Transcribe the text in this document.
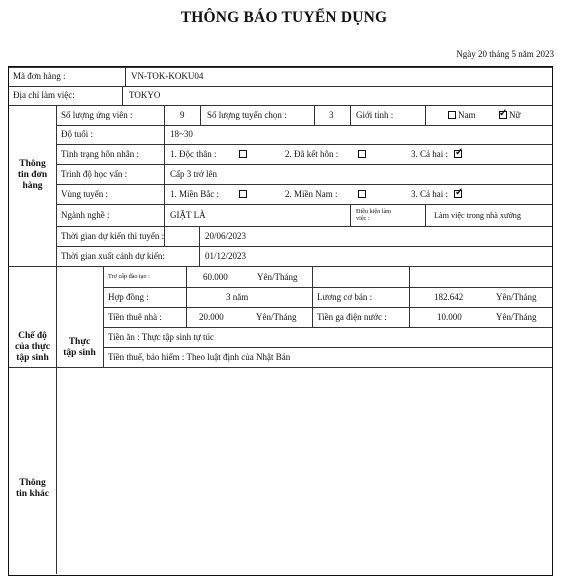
THÔNG BÁO TUYỂN DỤNG
Ngày 20 tháng 5 năm 2023
Mã đơn hàng :	VN-TOK-KOKU04
Địa chỉ làm việc:	TOKYO
Thông
tin đơn
hàng
Số lượng ứng viên :	9	Số lượng tuyển chọn :	3	Giới tính :	Nam ✓ Nữ
Độ tuổi :	18~30
Tình trạng hôn nhân :	1. Độc thân :	2. Đã kết hôn :	3. Cả hai : ✓
Trình độ học vấn :	Cấp 3 trở lên
Vùng tuyển :	1. Miền Bắc :	2. Miền Nam :	3. Cả hai : ✓
Ngành nghề :	GIẶT LÀ	Điều kiện làm
việc :	Làm việc trong nhà xưởng
Thời gian dự kiến thi tuyển :	20/06/2023
Thời gian xuất cảnh dự kiến:	01/12/2023
Chế độ
của thực
tập sinh
Thực
tập sinh
Trợ cấp đào tạo :	60.000	Yên/Tháng
Hợp đồng :	3 năm	Lương cơ bản :	182.642	Yên/Tháng
Tiền thuê nhà :	20.000	Yên/Tháng Tiền ga điện nước :	10.000	Yên/Tháng
Tiền ăn : Thực tập sinh tự túc
Tiền thuế, bảo hiểm : Theo luật định của Nhật Bản
Thông
tin khác
